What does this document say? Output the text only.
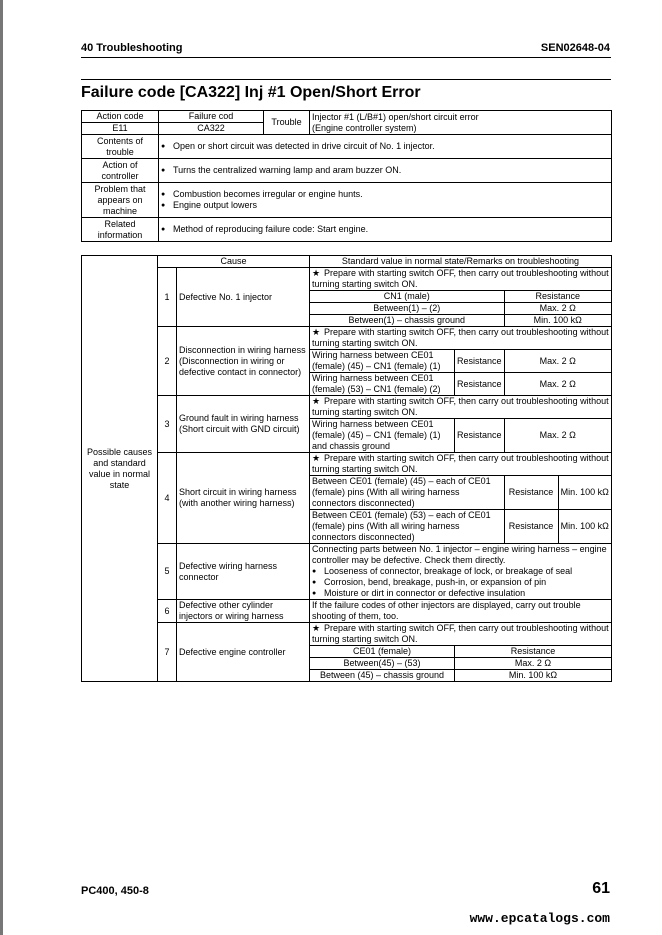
40 Troubleshooting	SEN02648-04
Failure code [CA322] Inj #1 Open/Short Error
Action code	Failure cod	Trouble	Injector #1 (L/B#1) open/short circuit error
(Engine controller system)

E11	CA322		
Contents of trouble	● Open or short circuit was detected in drive circuit of No. 1 injector.
Action of controller	● Turns the centralized warning lamp and aram buzzer ON.
Problem that appears on machine	● Combustion becomes irregular or engine hunts.
● Engine output lowers

Related information	● Method of reproducing failure code: Start engine.
Possible causes and standard value in normal state	Cause		Standard value in normal state/Remarks on troubleshooting			
	1	Defective No. 1 injector	★ Prepare with starting switch OFF, then carry out troubleshooting without turning starting switch ON.
			CN1 (male)		Resistance	
			Between(1) – (2)		Max. 2 Ω	
			Between(1) – chassis ground		Min. 100 kΩ	
	2	Disconnection in wiring harness (Disconnection in wiring or defective contact in connector)	★ Prepare with starting switch OFF, then carry out troubleshooting without turning starting switch ON.
			Wiring harness between CE01 (female) (45) – CN1 (female) (1)	Resistance	Max. 2 Ω	
			Wiring harness between CE01 (female) (53) – CN1 (female) (2)	Resistance	Max. 2 Ω	
	3	Ground fault in wiring harness (Short circuit with GND circuit)	★ Prepare with starting switch OFF, then carry out troubleshooting without turning starting switch ON.
			Wiring harness between CE01 (female) (45) – CN1 (female) (1) and chassis ground	Resistance	Max. 2 Ω	
	4	Short circuit in wiring harness (with another wiring harness)	★ Prepare with starting switch OFF, then carry out troubleshooting without turning starting switch ON.
			Between CE01 (female) (45) – each of CE01 (female) pins (With all wiring harness connectors disconnected)		Resistance	Min. 100 kΩ
			Between CE01 (female) (53) – each of CE01 (female) pins (With all wiring harness connectors disconnected)		Resistance	Min. 100 kΩ
	5	Defective wiring harness connector	Connecting parts between No. 1 injector – engine wiring harness – engine controller may be defective. Check them directly.
● Looseness of connector, breakage of lock, or breakage of seal
● Corrosion, bend, breakage, push-in, or expansion of pin
● Moisture or dirt in connector or defective insulation

	6	Defective other cylinder injectors or wiring harness	If the failure codes of other injectors are displayed, carry out trouble shooting of them, too.			
	7	Defective engine controller	★ Prepare with starting switch OFF, then carry out troubleshooting without turning starting switch ON.
			CE01 (female)	Resistance		
			Between(45) – (53)	Max. 2 Ω		
			Between (45) – chassis ground	Min. 100 kΩ		
PC400, 450-8	61
www.epcatalogs.com
